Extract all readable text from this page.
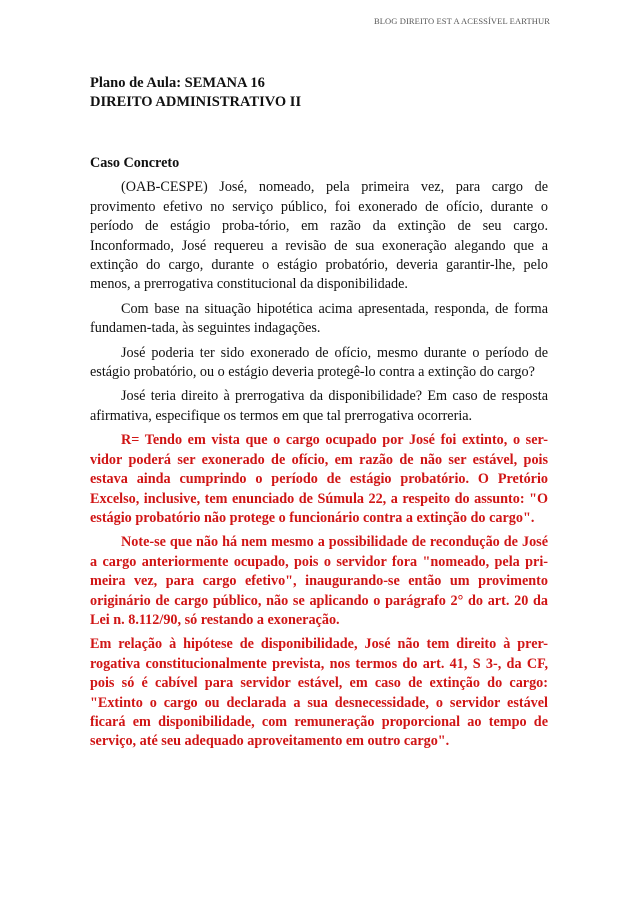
BLOG DIREITO EST A ACESSÍVEL EARTHUR
Plano de Aula: SEMANA 16
DIREITO ADMINISTRATIVO II
Caso Concreto

(OAB-CESPE) José, nomeado, pela primeira vez, para cargo de provimento efetivo no serviço público, foi exonerado de ofício, durante o período de estágio proba-tório, em razão da extinção de seu cargo. Inconformado, José requereu a revisão de sua exoneração alegando que a extinção do cargo, durante o estágio probatório, deveria garantir-lhe, pelo menos, a prerrogativa constitucional da disponibilidade.

Com base na situação hipotética acima apresentada, responda, de forma fundamen-tada, às seguintes indagações.

José poderia ter sido exonerado de ofício, mesmo durante o período de estágio probatório, ou o estágio deveria protegê-lo contra a extinção do cargo?

José teria direito à prerrogativa da disponibilidade? Em caso de resposta afirmativa, especifique os termos em que tal prerrogativa ocorreria.

R= Tendo em vista que o cargo ocupado por José foi extinto, o ser-vidor poderá ser exonerado de ofício, em razão de não ser estável, pois estava ainda cumprindo o período de estágio probatório. O Pretório Excelso, inclusive, tem enunciado de Súmula 22, a respeito do assunto: "O estágio probatório não protege o funcionário contra a extinção do cargo".

Note-se que não há nem mesmo a possibilidade de recondução de José a cargo anteriormente ocupado, pois o servidor fora "nomeado, pela pri-meira vez, para cargo efetivo", inaugurando-se então um provimento originário de cargo público, não se aplicando o parágrafo 2° do art. 20 da Lei n. 8.112/90, só restando a exoneração.

Em relação à hipótese de disponibilidade, José não tem direito à prer-rogativa constitucionalmente prevista, nos termos do art. 41, S 3-, da CF, pois só é cabível para servidor estável, em caso de extinção do cargo: "Extinto o cargo ou declarada a sua desnecessidade, o servidor estável ficará em disponibilidade, com remuneração proporcional ao tempo de serviço, até seu adequado aproveitamento em outro cargo".
